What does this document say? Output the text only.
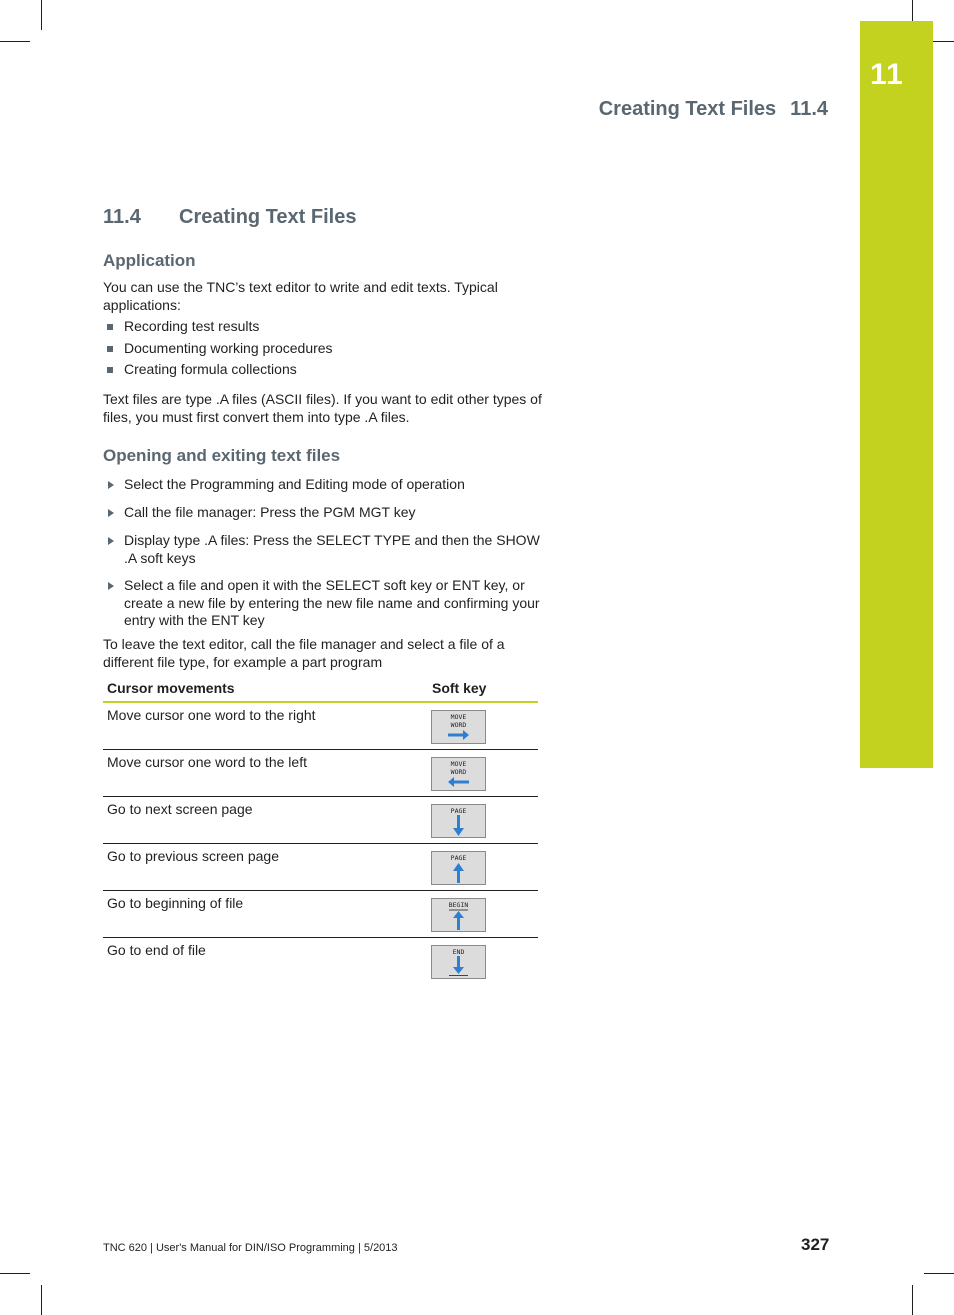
11
Creating Text Files 11.4
11.4 Creating Text Files
Application
You can use the TNC’s text editor to write and edit texts. Typical applications:
Recording test results
Documenting working procedures
Creating formula collections
Text files are type .A files (ASCII files). If you want to edit other types of files, you must first convert them into type .A files.
Opening and exiting text files
Select the Programming and Editing mode of operation
Call the file manager: Press the PGM MGT key
Display type .A files: Press the SELECT TYPE and then the SHOW .A soft keys
Select a file and open it with the SELECT soft key or ENT key, or create a new file by entering the new file name and confirming your entry with the ENT key
To leave the text editor, call the file manager and select a file of a different file type, for example a part program
Cursor movements	Soft key
Move cursor one word to the right	MOVE
WORD
Move cursor one word to the left	MOVE
WORD
Go to next screen page	PAGE
Go to previous screen page	PAGE
Go to beginning of file	BEGIN
Go to end of file	END
TNC 620 | User's Manual for DIN/ISO Programming | 5/2013	327
